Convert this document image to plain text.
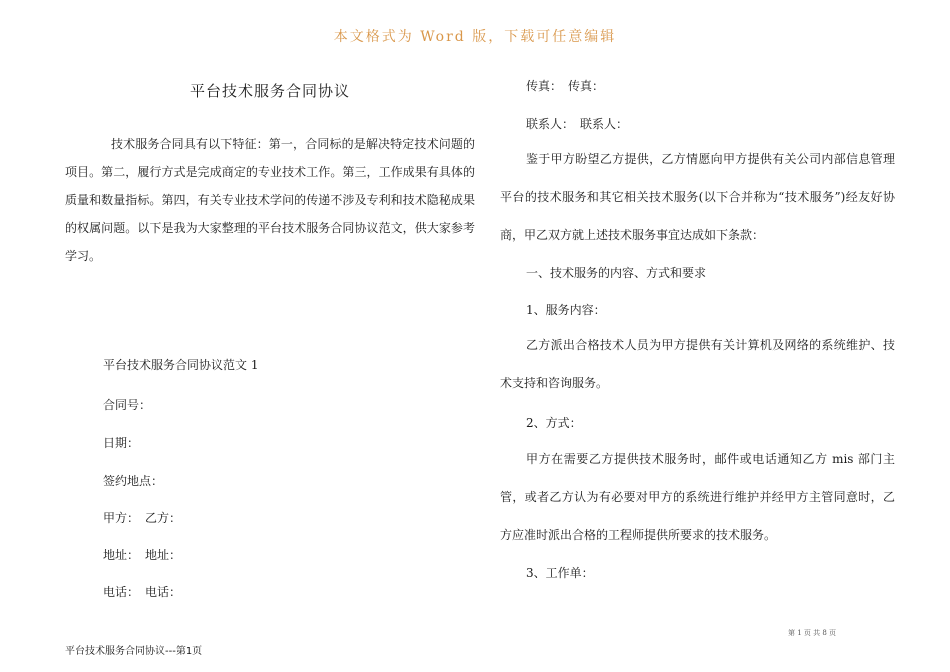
本文格式为 Word 版，下载可任意编辑
平台技术服务合同协议

技术服务合同具有以下特征：第一，合同标的是解决特定技术问题的项目。第二，履行方式是完成商定的专业技术工作。第三，工作成果有具体的质量和数量指标。第四，有关专业技术学问的传递不涉及专利和技术隐秘成果的权属问题。以下是我为大家整理的平台技术服务合同协议范文，供大家参考学习。

平台技术服务合同协议范文 1
合同号：
日期：
签约地点：
甲方：　乙方：
地址：　地址：
电话：　电话：
传真：　传真：
联系人：　联系人：

鉴于甲方盼望乙方提供，乙方情愿向甲方提供有关公司内部信息管理平台的技术服务和其它相关技术服务(以下合并称为“技术服务”)经友好协商，甲乙双方就上述技术服务事宜达成如下条款：

一、技术服务的内容、方式和要求
1、服务内容：

乙方派出合格技术人员为甲方提供有关计算机及网络的系统维护、技术支持和咨询服务。

2、方式：

甲方在需要乙方提供技术服务时，邮件或电话通知乙方 mis 部门主管，或者乙方认为有必要对甲方的系统进行维护并经甲方主管同意时，乙方应准时派出合格的工程师提供所要求的技术服务。

3、工作单：
第 1 页 共 8 页
平台技术服务合同协议---第1页
